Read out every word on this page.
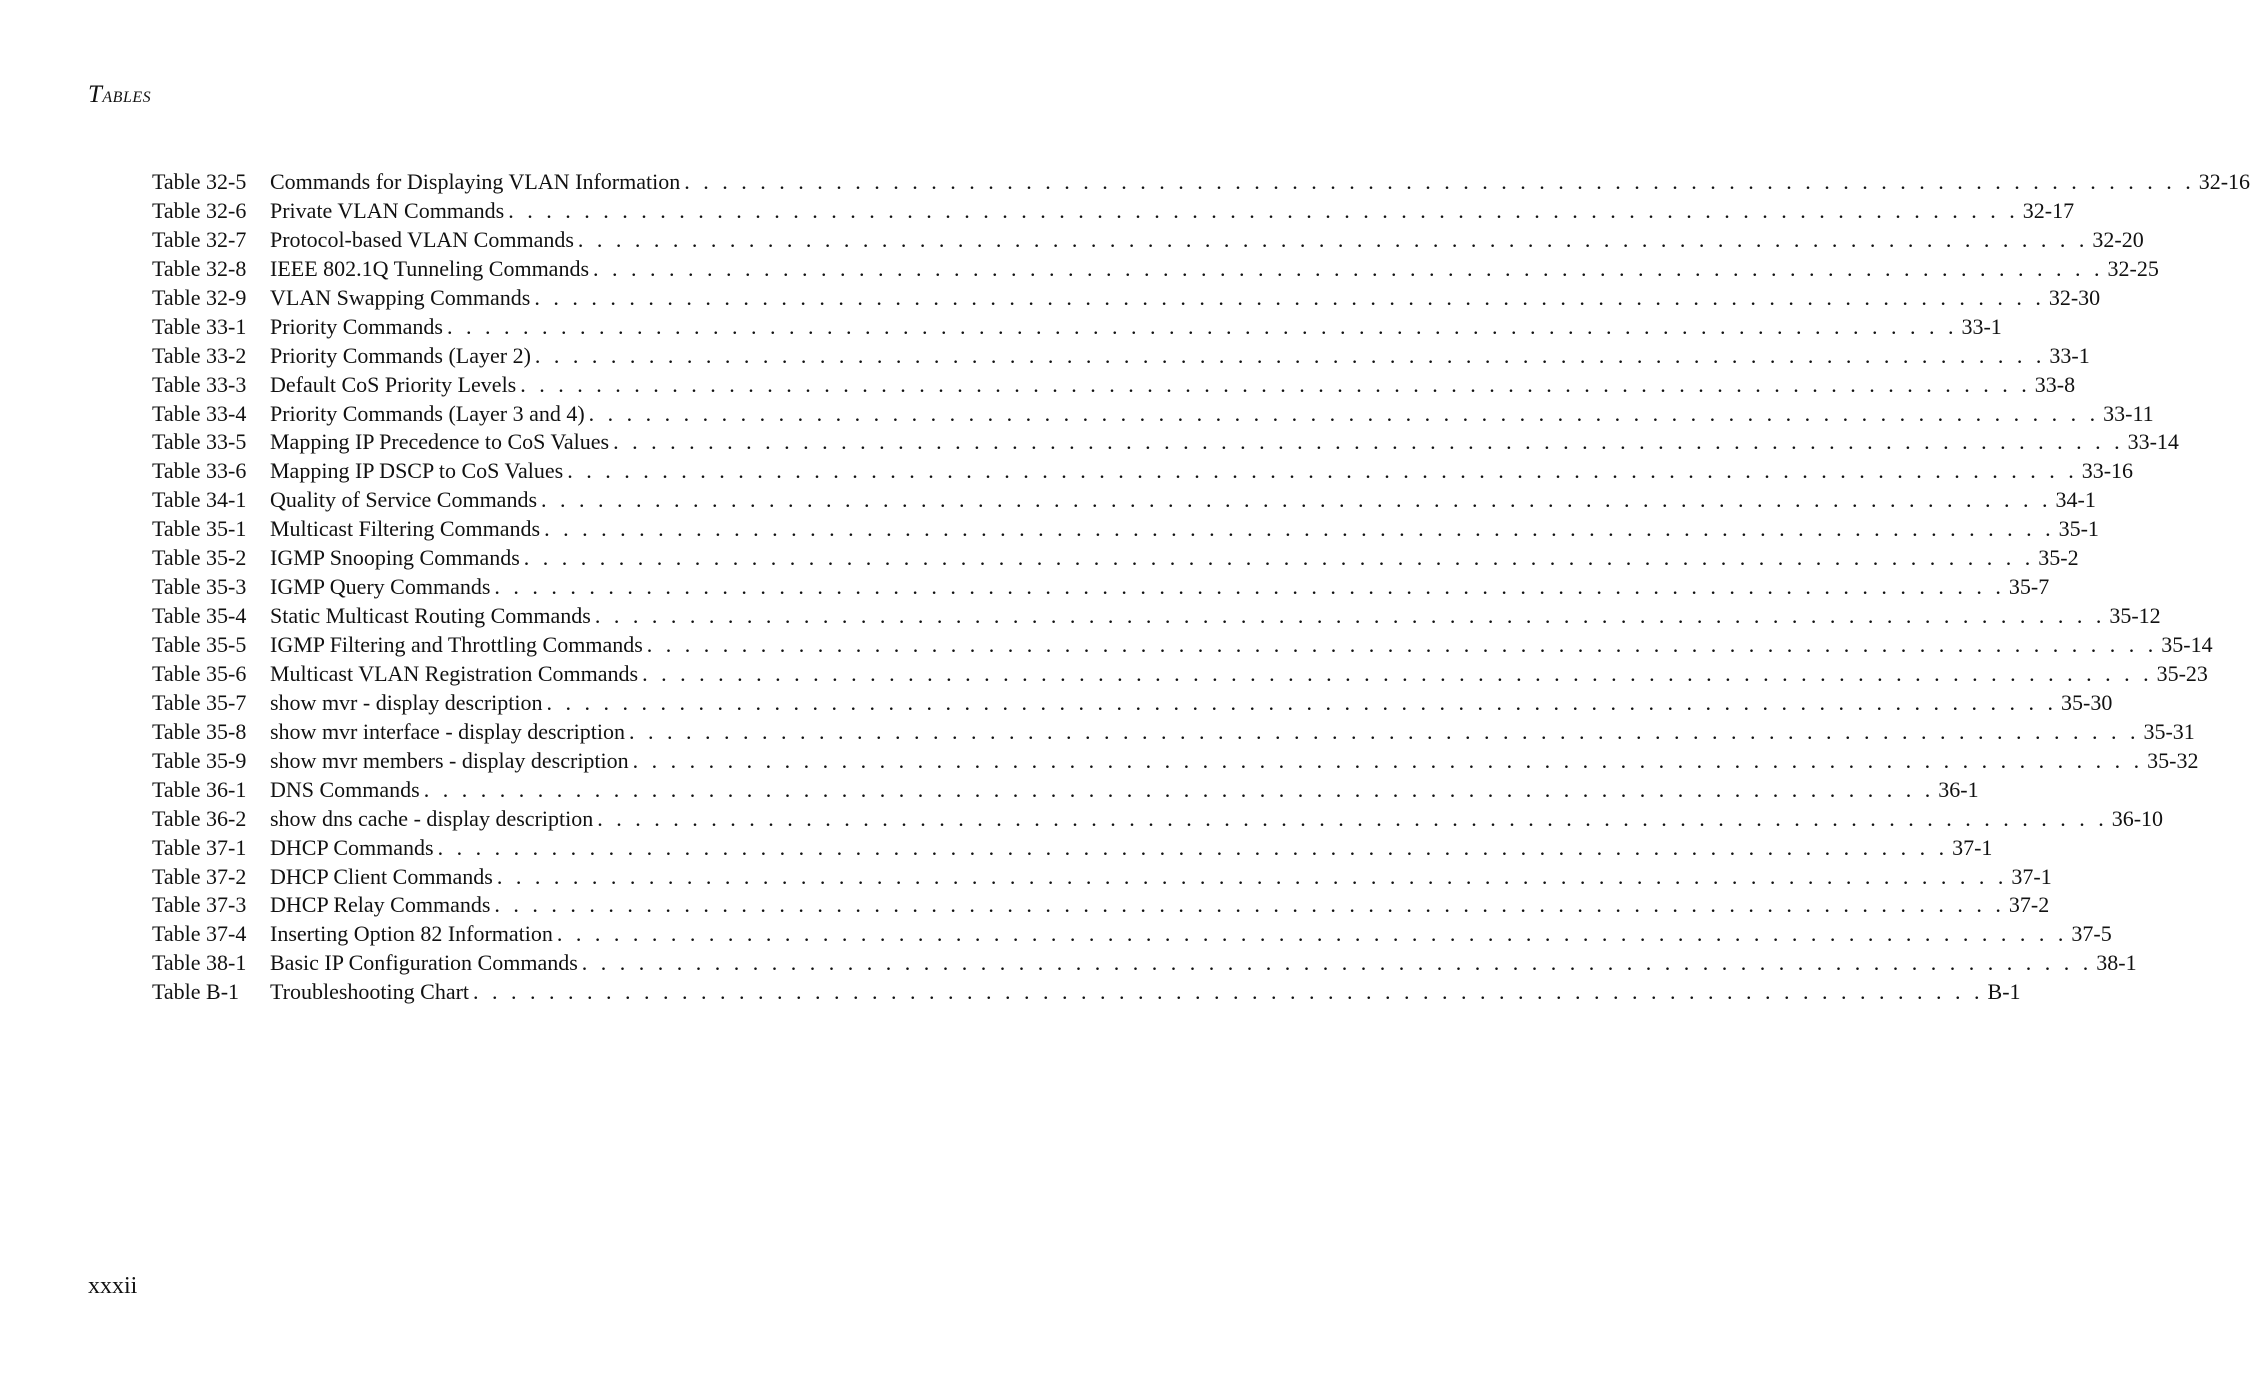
TABLES
Table 32-5	Commands for Displaying VLAN Information . . . . . . . . . . . . . . . . . . . . . . . . . . . . . . . . . . . . . . . . . . . . . . . . . . . . . . . . . . . . . . . . . . . . . . . . . . . . . . . . 32-16
Table 32-6	Private VLAN Commands . . . . . . . . . . . . . . . . . . . . . . . . . . . . . . . . . . . . . . . . . . . . . . . . . . . . . . . . . . . . . . . . . . . . . . . . . . . . . . . . 32-17
Table 32-7	Protocol-based VLAN Commands . . . . . . . . . . . . . . . . . . . . . . . . . . . . . . . . . . . . . . . . . . . . . . . . . . . . . . . . . . . . . . . . . . . . . . . . . . . . . . . . 32-20
Table 32-8	IEEE 802.1Q Tunneling Commands . . . . . . . . . . . . . . . . . . . . . . . . . . . . . . . . . . . . . . . . . . . . . . . . . . . . . . . . . . . . . . . . . . . . . . . . . . . . . . . . 32-25
Table 32-9	VLAN Swapping Commands . . . . . . . . . . . . . . . . . . . . . . . . . . . . . . . . . . . . . . . . . . . . . . . . . . . . . . . . . . . . . . . . . . . . . . . . . . . . . . . . 32-30
Table 33-1	Priority Commands . . . . . . . . . . . . . . . . . . . . . . . . . . . . . . . . . . . . . . . . . . . . . . . . . . . . . . . . . . . . . . . . . . . . . . . . . . . . . . . . 33-1
Table 33-2	Priority Commands (Layer 2) . . . . . . . . . . . . . . . . . . . . . . . . . . . . . . . . . . . . . . . . . . . . . . . . . . . . . . . . . . . . . . . . . . . . . . . . . . . . . . . . 33-1
Table 33-3	Default CoS Priority Levels . . . . . . . . . . . . . . . . . . . . . . . . . . . . . . . . . . . . . . . . . . . . . . . . . . . . . . . . . . . . . . . . . . . . . . . . . . . . . . . . 33-8
Table 33-4	Priority Commands (Layer 3 and 4) . . . . . . . . . . . . . . . . . . . . . . . . . . . . . . . . . . . . . . . . . . . . . . . . . . . . . . . . . . . . . . . . . . . . . . . . . . . . . . . . 33-11
Table 33-5	Mapping IP Precedence to CoS Values . . . . . . . . . . . . . . . . . . . . . . . . . . . . . . . . . . . . . . . . . . . . . . . . . . . . . . . . . . . . . . . . . . . . . . . . . . . . . . . . 33-14
Table 33-6	Mapping IP DSCP to CoS Values . . . . . . . . . . . . . . . . . . . . . . . . . . . . . . . . . . . . . . . . . . . . . . . . . . . . . . . . . . . . . . . . . . . . . . . . . . . . . . . . 33-16
Table 34-1	Quality of Service Commands . . . . . . . . . . . . . . . . . . . . . . . . . . . . . . . . . . . . . . . . . . . . . . . . . . . . . . . . . . . . . . . . . . . . . . . . . . . . . . . . 34-1
Table 35-1	Multicast Filtering Commands . . . . . . . . . . . . . . . . . . . . . . . . . . . . . . . . . . . . . . . . . . . . . . . . . . . . . . . . . . . . . . . . . . . . . . . . . . . . . . . . 35-1
Table 35-2	IGMP Snooping Commands . . . . . . . . . . . . . . . . . . . . . . . . . . . . . . . . . . . . . . . . . . . . . . . . . . . . . . . . . . . . . . . . . . . . . . . . . . . . . . . . 35-2
Table 35-3	IGMP Query Commands . . . . . . . . . . . . . . . . . . . . . . . . . . . . . . . . . . . . . . . . . . . . . . . . . . . . . . . . . . . . . . . . . . . . . . . . . . . . . . . . 35-7
Table 35-4	Static Multicast Routing Commands . . . . . . . . . . . . . . . . . . . . . . . . . . . . . . . . . . . . . . . . . . . . . . . . . . . . . . . . . . . . . . . . . . . . . . . . . . . . . . . . 35-12
Table 35-5	IGMP Filtering and Throttling Commands . . . . . . . . . . . . . . . . . . . . . . . . . . . . . . . . . . . . . . . . . . . . . . . . . . . . . . . . . . . . . . . . . . . . . . . . . . . . . . . . 35-14
Table 35-6	Multicast VLAN Registration Commands . . . . . . . . . . . . . . . . . . . . . . . . . . . . . . . . . . . . . . . . . . . . . . . . . . . . . . . . . . . . . . . . . . . . . . . . . . . . . . . . 35-23
Table 35-7	show mvr - display description . . . . . . . . . . . . . . . . . . . . . . . . . . . . . . . . . . . . . . . . . . . . . . . . . . . . . . . . . . . . . . . . . . . . . . . . . . . . . . . . 35-30
Table 35-8	show mvr interface - display description . . . . . . . . . . . . . . . . . . . . . . . . . . . . . . . . . . . . . . . . . . . . . . . . . . . . . . . . . . . . . . . . . . . . . . . . . . . . . . . . 35-31
Table 35-9	show mvr members - display description . . . . . . . . . . . . . . . . . . . . . . . . . . . . . . . . . . . . . . . . . . . . . . . . . . . . . . . . . . . . . . . . . . . . . . . . . . . . . . . . 35-32
Table 36-1	DNS Commands . . . . . . . . . . . . . . . . . . . . . . . . . . . . . . . . . . . . . . . . . . . . . . . . . . . . . . . . . . . . . . . . . . . . . . . . . . . . . . . . 36-1
Table 36-2	show dns cache - display description . . . . . . . . . . . . . . . . . . . . . . . . . . . . . . . . . . . . . . . . . . . . . . . . . . . . . . . . . . . . . . . . . . . . . . . . . . . . . . . . 36-10
Table 37-1	DHCP Commands . . . . . . . . . . . . . . . . . . . . . . . . . . . . . . . . . . . . . . . . . . . . . . . . . . . . . . . . . . . . . . . . . . . . . . . . . . . . . . . . 37-1
Table 37-2	DHCP Client Commands . . . . . . . . . . . . . . . . . . . . . . . . . . . . . . . . . . . . . . . . . . . . . . . . . . . . . . . . . . . . . . . . . . . . . . . . . . . . . . . . 37-1
Table 37-3	DHCP Relay Commands . . . . . . . . . . . . . . . . . . . . . . . . . . . . . . . . . . . . . . . . . . . . . . . . . . . . . . . . . . . . . . . . . . . . . . . . . . . . . . . . 37-2
Table 37-4	Inserting Option 82 Information . . . . . . . . . . . . . . . . . . . . . . . . . . . . . . . . . . . . . . . . . . . . . . . . . . . . . . . . . . . . . . . . . . . . . . . . . . . . . . . . 37-5
Table 38-1	Basic IP Configuration Commands . . . . . . . . . . . . . . . . . . . . . . . . . . . . . . . . . . . . . . . . . . . . . . . . . . . . . . . . . . . . . . . . . . . . . . . . . . . . . . . . 38-1
Table B-1	Troubleshooting Chart . . . . . . . . . . . . . . . . . . . . . . . . . . . . . . . . . . . . . . . . . . . . . . . . . . . . . . . . . . . . . . . . . . . . . . . . . . . . . . . . B-1
xxxii
